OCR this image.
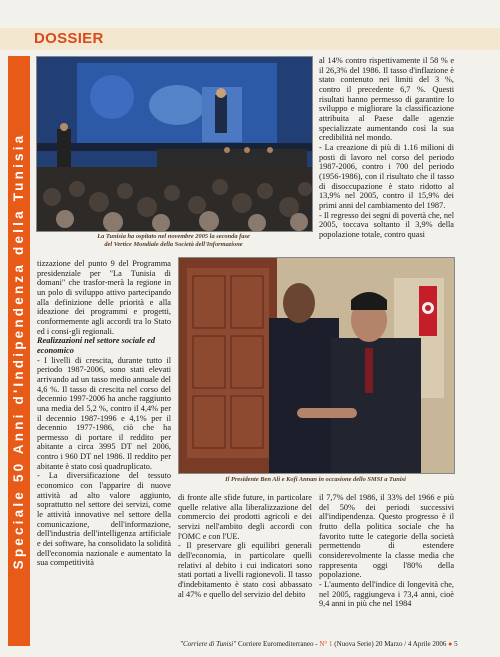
DOSSIER
Speciale 50 Anni d'Indipendenza della Tunisia	La Tunisia ha ospitato nel novembre 2005 la seconda fase
del Vertice Mondiale della Società dell'Informazione
Il Presidente Ben Ali e Kofi Annan in occasione dello SMSI a Tunisi

tizzazione del punto 9 del Programma presidenziale per "La Tunisia di domani" che trasfor-merà la regione in un polo di sviluppo attivo partecipando alla definizione delle priorità e alla ideazione dei programmi e progetti, conformemente agli accordi tra lo Stato ed i consi-gli regionali.

Realizzazioni nel settore sociale ed economico

- I livelli di crescita, durante tutto il periodo 1987-2006, sono stati elevati arrivando ad un tasso medio annuale del 4,6 %. Il tasso di crescita nel corso del decennio 1997-2006 ha anche raggiunto una media del 5,2 %, contro il 4,4% per il decennio 1987-1996 e 4,1% per il decennio 1977-1986, ciò che ha permesso di portare il reddito per abitante a circa 3995 DT nel 2006, contro i 960 DT nel 1986. Il reddito per abitante è stato così quadruplicato.

- La diversificazione del tessuto economico con l'apparire di nuove attività ad alto valore aggiunto, soprattutto nel settore dei servizi, come le attività innovative nel settore della comunicazione, dell'informazione, dell'industria dell'intelligenza artificiale e dei software, ha consolidato la solidità dell'economia nazionale e aumentato la sua competitività

al 14% contro rispettivamente il 58 % e il 26,3% del 1986. Il tasso d'inflazione è stato contenuto nei limiti del 3 %, contro il precedente 6,7 %. Questi risultati hanno permesso di garantire lo sviluppo e migliorare la classificazione attribuita al Paese dalle agenzie specializzate aumentando così la sua credibilità nel mondo.

- La creazione di più di 1.16 milioni di posti di lavoro nel corso del periodo 1987-2006, contro i 700 del periodo (1956-1986), con il risultato che il tasso di disoccupazione è stato ridotto al 13,9% nel 2005, contro il 15,9% dei primi anni del cambiamento del 1987.

- Il regresso dei segni di povertà che, nel 2005, toccava soltanto il 3,9% della popolazione totale, contro quasi

di fronte alle sfide future, in particolare quelle relative alla liberalizzazione del commercio dei prodotti agricoli e dei servizi nell'ambito degli accordi con l'OMC e con l'UE.

- Il preservare gli equilibri generali dell'economia, in particolare quelli relativi al debito i cui indicatori sono stati portati a livelli ragionevoli. Il tasso d'indebitamento è stato così abbassato al 47% e quello del servizio del debito

il 7,7% del 1986, il 33% del 1966 e più del 50% dei periodi successivi all'indipendenza. Questo progresso è il frutto della politica sociale che ha favorito tutte le categorie della società permettendo di estendere considerevolmente la classe media che rappresenta oggi l'80% della popolazione.

- L'aumento dell'indice di longevità che, nel 2005, raggiungeva i 73,4 anni, cioè 9,4 anni in più che nel 1984

"Corriere di Tunisi" Corriere Euromediterraneo - N° 1 (Nuova Serie) 20 Marzo / 4 Aprile 2006 ● 5
